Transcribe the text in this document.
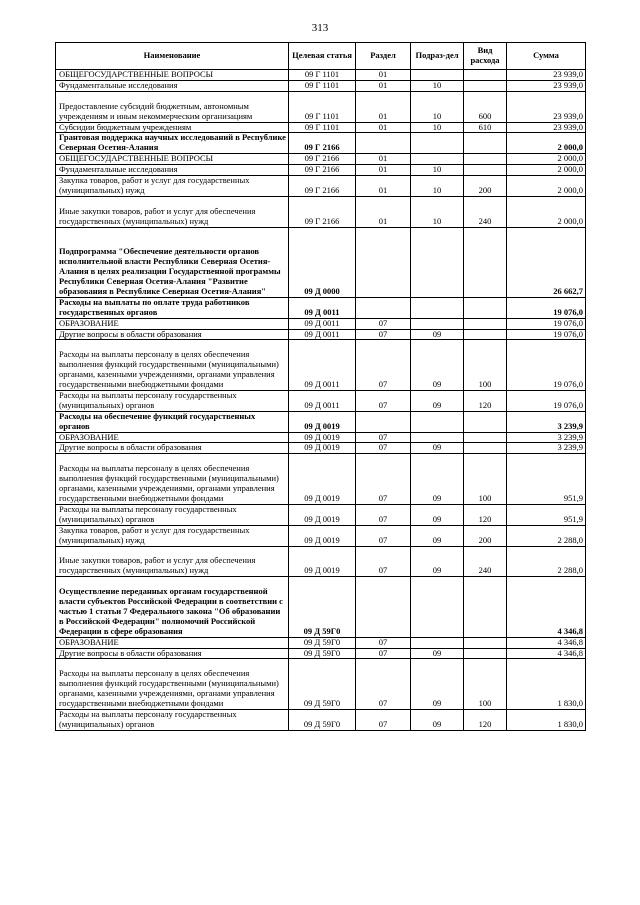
313
Наименование	Целевая статья	Раздел	Подраз-дел	Вид расхода	Сумма
ОБЩЕГОСУДАРСТВЕННЫЕ ВОПРОСЫ	09 Г 1101	01			23 939,0
Фундаментальные исследования	09 Г 1101	01	10		23 939,0
Предоставление субсидий бюджетным, автономным учреждениям и иным некоммерческим организациям	09 Г 1101	01	10	600	23 939,0
Субсидии бюджетным учреждениям	09 Г 1101	01	10	610	23 939,0
Грантовая поддержка научных исследований в Республике Северная Осетия-Алания	09 Г 2166				2 000,0
ОБЩЕГОСУДАРСТВЕННЫЕ ВОПРОСЫ	09 Г 2166	01			2 000,0
Фундаментальные исследования	09 Г 2166	01	10		2 000,0
Закупка товаров, работ и услуг для государственных (муниципальных) нужд	09 Г 2166	01	10	200	2 000,0
Иные закупки товаров, работ и услуг для обеспечения государственных (муниципальных) нужд	09 Г 2166	01	10	240	2 000,0
Подпрограмма "Обеспечение деятельности органов исполнительной власти Республики Северная Осетия-Алания в целях реализации Государственной программы Республики Северная Осетия-Алания "Развитие образования в Республике Северная Осетия-Алания"	09 Д 0000				26 662,7
Расходы на выплаты по оплате труда работников государственных органов	09 Д 0011				19 076,0
ОБРАЗОВАНИЕ	09 Д 0011	07			19 076,0
Другие вопросы в области образования	09 Д 0011	07	09		19 076,0
Расходы на выплаты персоналу в целях обеспечения выполнения функций государственными (муниципальными) органами, казенными учреждениями, органами управления государственными внебюджетными фондами	09 Д 0011	07	09	100	19 076,0
Расходы на выплаты персоналу государственных (муниципальных) органов	09 Д 0011	07	09	120	19 076,0
Расходы на обеспечение функций государственных органов	09 Д 0019				3 239,9
ОБРАЗОВАНИЕ	09 Д 0019	07			3 239,9
Другие вопросы в области образования	09 Д 0019	07	09		3 239,9
Расходы на выплаты персоналу в целях обеспечения выполнения функций государственными (муниципальными) органами, казенными учреждениями, органами управления государственными внебюджетными фондами	09 Д 0019	07	09	100	951,9
Расходы на выплаты персоналу государственных (муниципальных) органов	09 Д 0019	07	09	120	951,9
Закупка товаров, работ и услуг для государственных (муниципальных) нужд	09 Д 0019	07	09	200	2 288,0
Иные закупки товаров, работ и услуг для обеспечения государственных (муниципальных) нужд	09 Д 0019	07	09	240	2 288,0
Осуществление переданных органам государственной власти субъектов Российской Федерации в соответствии с частью 1 статьи 7 Федерального закона "Об образовании в Российской Федерации" полномочий Российской Федерации в сфере образования	09 Д 59Г0				4 346,8
ОБРАЗОВАНИЕ	09 Д 59Г0	07			4 346,8
Другие вопросы в области образования	09 Д 59Г0	07	09		4 346,8
Расходы на выплаты персоналу в целях обеспечения выполнения функций государственными (муниципальными) органами, казенными учреждениями, органами управления государственными внебюджетными фондами	09 Д 59Г0	07	09	100	1 830,0
Расходы на выплаты персоналу государственных (муниципальных) органов	09 Д 59Г0	07	09	120	1 830,0
